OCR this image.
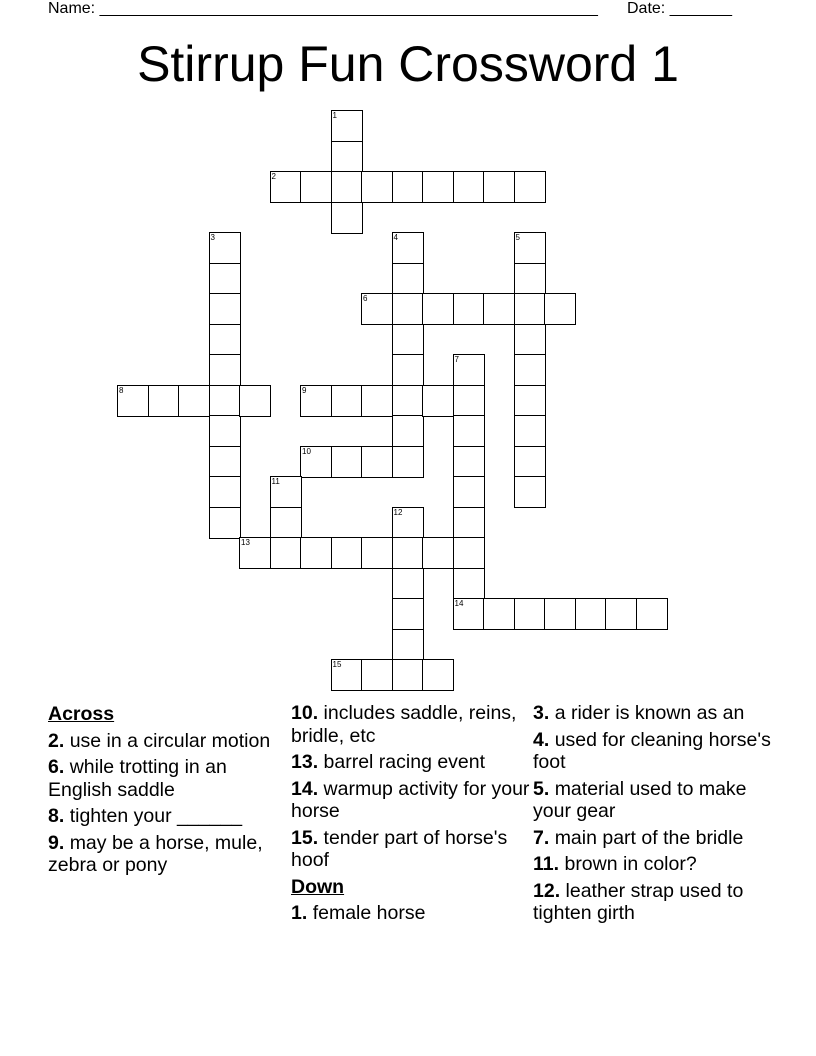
Name: ________________________________________________________ Date: _______
Stirrup Fun Crossword 1
1
2
3	4	5
6
7
14
8	9
10
11
12
13
15
Across
2. use in a circular motion
6. while trotting in an English saddle
8. tighten your ______
9. may be a horse, mule, zebra or pony
10. includes saddle, reins, bridle, etc
13. barrel racing event
14. warmup activity for your horse
15. tender part of horse's hoof
Down
1. female horse
3. a rider is known as an
4. used for cleaning horse's foot
5. material used to make your gear
7. main part of the bridle
11. brown in color?
12. leather strap used to tighten girth
